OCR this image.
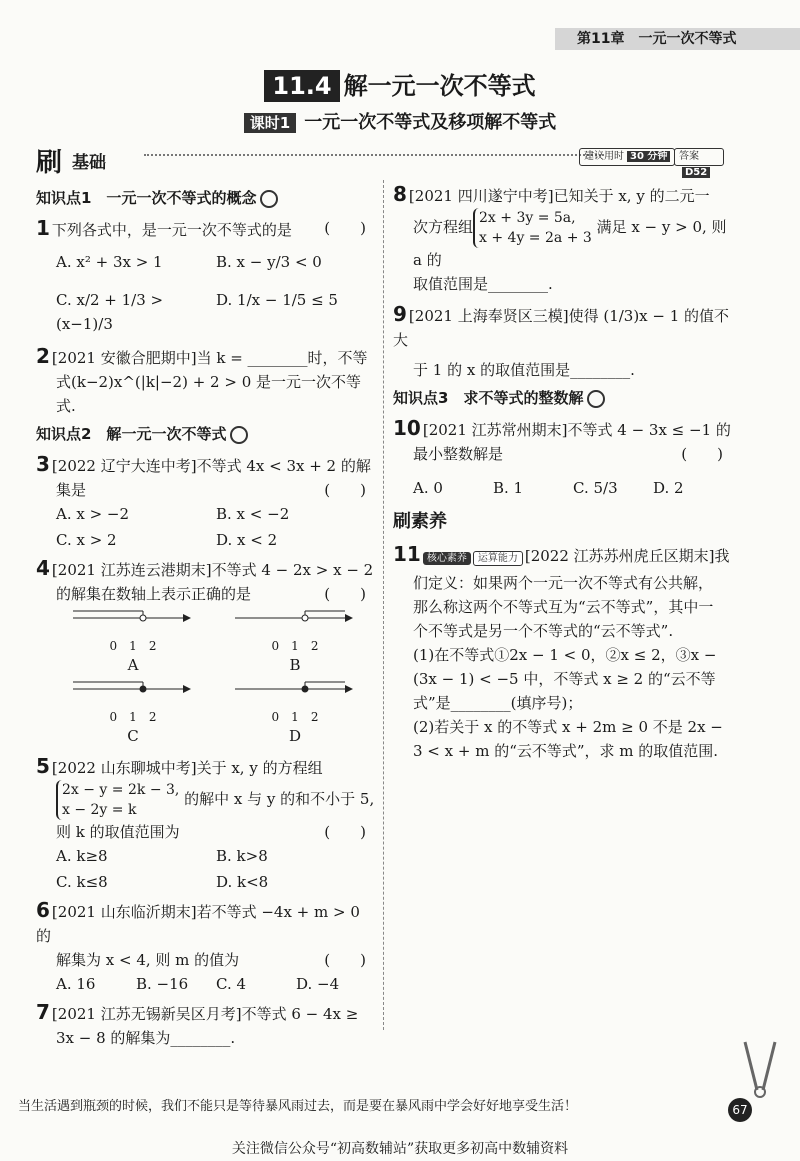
第11章　一元一次不等式
11.4 解一元一次不等式
课时1 一元一次不等式及移项解不等式
刷 基础	建议用时 30 分钟	答案D52
知识点1　一元一次不等式的概念
1 下列各式中，是一元一次不等式的是 (　　)
A. x² + 3x > 1	B. x − y/3 < 0
C. x/2 + 1/3 > (x−1)/3
D. 1/x − 1/5 ≤ 5
2 [2021 安徽合肥期中]当 k = ________时，不等
式(k−2)x^(|k|−2) + 2 > 0 是一元一次不等式.
知识点2　解一元一次不等式
3 [2022 辽宁大连中考]不等式 4x < 3x + 2 的解
集是	(　　)
A. x > −2	B. x < −2
C. x > 2	D. x < 2
4 [2021 江苏连云港期末]不等式 4 − 2x > x − 2
的解集在数轴上表示正确的是	(　　)
0　1　2
A
0　1　2
B
0　1　2
C
0　1　2
D
5 [2022 山东聊城中考]关于 x, y 的方程组
2x − y = 2k − 3,
x − 2y = k
的解中 x 与 y 的和不小于 5,
则 k 的取值范围为	(　　)
A. k≥8	B. k>8
C. k≤8	D. k<8
6 [2021 山东临沂期末]若不等式 −4x + m > 0 的
解集为 x < 4, 则 m 的值为	(　　)
A. 16	B. −16	C. 4	D. −4
7 [2021 江苏无锡新吴区月考]不等式 6 − 4x ≥
3x − 8 的解集为________.
8 [2021 四川遂宁中考]已知关于 x, y 的二元一
次方程组 2x + 3y = 5a,
x + 4y = 2a + 3
满足 x − y > 0, 则 a 的
取值范围是________.
9 [2021 上海奉贤区三模]使得 (1/3)x − 1 的值不大
于 1 的 x 的取值范围是________.
知识点3　求不等式的整数解
10 [2021 江苏常州期末]不等式 4 − 3x ≤ −1 的
最小整数解是	(　　)
A. 0	B. 1	C. 5/3	D. 2
刷素养
11 核心素养 运算能力 [2022 江苏苏州虎丘区期末]我
们定义：如果两个一元一次不等式有公共解，
那么称这两个不等式互为“云不等式”，其中一
个不等式是另一个不等式的“云不等式”.
(1)在不等式①2x − 1 < 0，②x ≤ 2，③x −
(3x − 1) < −5 中，不等式 x ≥ 2 的“云不等
式”是________(填序号)；
(2)若关于 x 的不等式 x + 2m ≥ 0 不是 2x −
3 < x + m 的“云不等式”，求 m 的取值范围.
当生活遇到瓶颈的时候，我们不能只是等待暴风雨过去，而是要在暴风雨中学会好好地享受生活！	67
关注微信公众号“初高数辅站”获取更多初高中数辅资料
